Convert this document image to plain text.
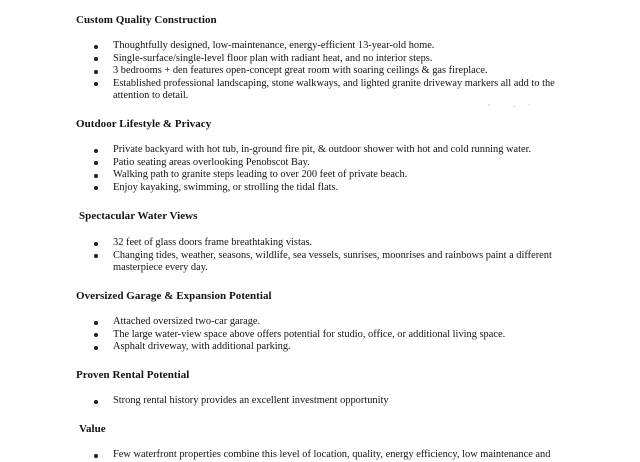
Custom Quality Construction
Thoughtfully designed, low-maintenance, energy-efficient 13-year-old home.
Single-surface/single-level floor plan with radiant heat, and no interior steps.
3 bedrooms + den features open-concept great room with soaring ceilings & gas fireplace.
Established professional landscaping, stone walkways, and lighted granite driveway markers all add to the attention to detail.
Outdoor Lifestyle & Privacy
Private backyard with hot tub, in-ground fire pit, & outdoor shower with hot and cold running water.
Patio seating areas overlooking Penobscot Bay.
Walking path to granite steps leading to over 200 feet of private beach.
Enjoy kayaking, swimming, or strolling the tidal flats.
Spectacular Water Views
32 feet of glass doors frame breathtaking vistas.
Changing tides, weather, seasons, wildlife, sea vessels, sunrises, moonrises and rainbows paint a different masterpiece every day.
Oversized Garage & Expansion Potential
Attached oversized two-car garage.
The large water-view space above offers potential for studio, office, or additional living space.
Asphalt driveway, with additional parking.
Proven Rental Potential
Strong rental history provides an excellent investment opportunity
Value
Few waterfront properties combine this level of location, quality, energy efficiency, low maintenance and
